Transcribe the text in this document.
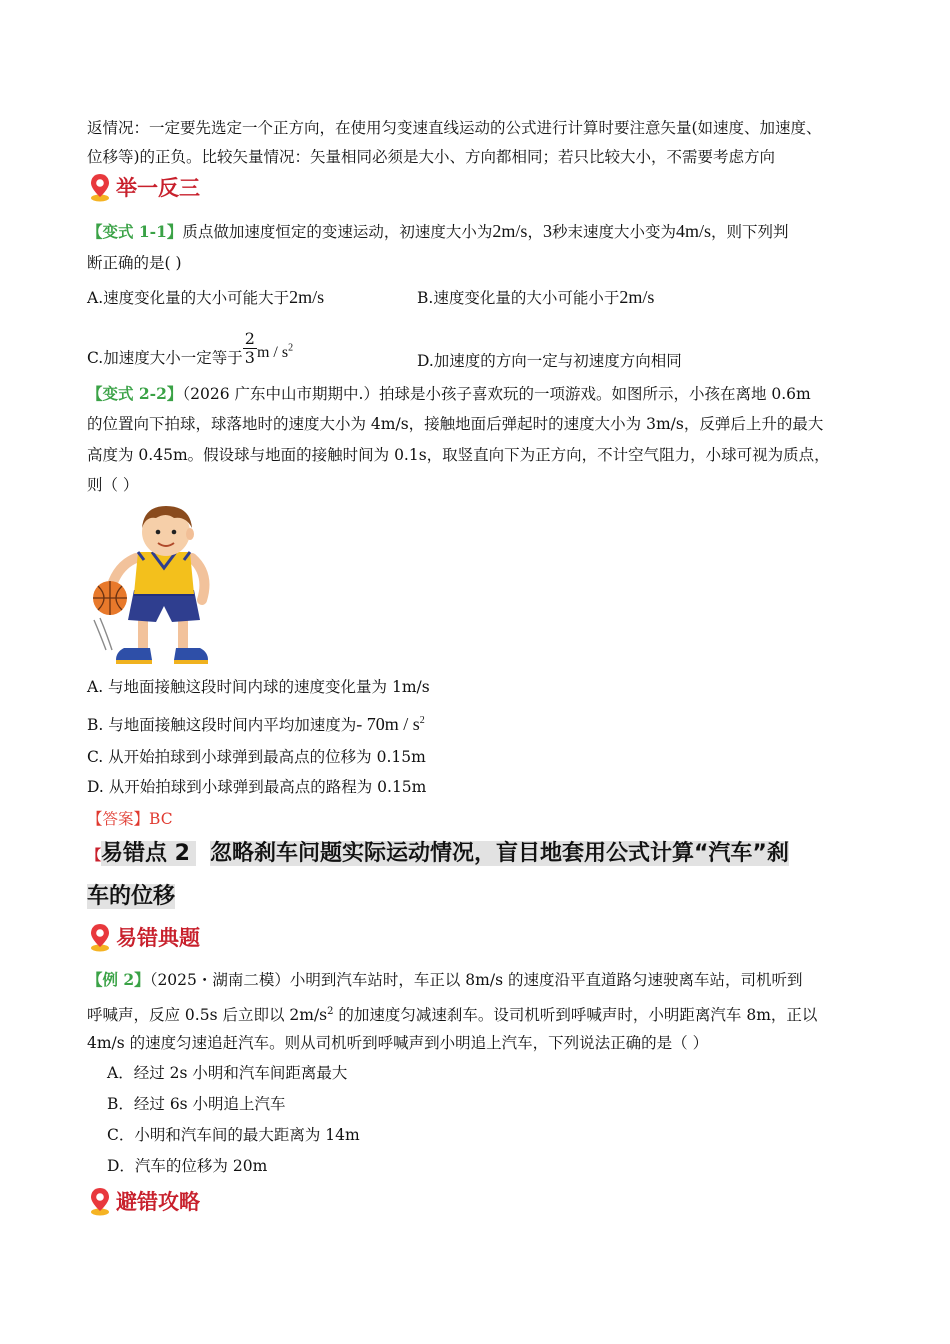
返情况：一定要先选定一个正方向，在使用匀变速直线运动的公式进行计算时要注意矢量(如速度、加速度、
位移等)的正负。比较矢量情况：矢量相同必须是大小、方向都相同；若只比较大小，不需要考虑方向
举一反三
【变式 1-1】质点做加速度恒定的变速运动，初速度大小为2m/s，3秒末速度大小变为4m/s，则下列判
断正确的是( )
A.速度变化量的大小可能大于2m/s	B.速度变化量的大小可能小于2m/s
C.加速度大小一定等于 $\frac{2}{3}$ m / $s^2$
D.加速度的方向一定与初速度方向相同
【变式 2-2】（2026 广东中山市期期中.）拍球是小孩子喜欢玩的一项游戏。如图所示，小孩在离地 0.6m
的位置向下拍球，球落地时的速度大小为 4m/s，接触地面后弹起时的速度大小为 3m/s，反弹后上升的最大
高度为 0.45m。假设球与地面的接触时间为 0.1s，取竖直向下为正方向，不计空气阻力，小球可视为质点，
则（ ）
A. 与地面接触这段时间内球的速度变化量为 1m/s
B. 与地面接触这段时间内平均加速度为- $70m / s^2$
C. 从开始拍球到小球弹到最高点的位移为 0.15m
D. 从开始拍球到小球弹到最高点的路程为 0.15m
【答案】BC
【易错点 2 忽略刹车问题实际运动情况，盲目地套用公式计算“汽车”刹
车的位移
易错典题
【例 2】（2025・湖南二模）小明到汽车站时，车正以 8m/s 的速度沿平直道路匀速驶离车站，司机听到
呼喊声，反应 0.5s 后立即以 $2m/s^2$ 的加速度匀减速刹车。设司机听到呼喊声时，小明距离汽车 8m，正以
4m/s 的速度匀速追赶汽车。则从司机听到呼喊声到小明追上汽车，下列说法正确的是（ ）
A．经过 2s 小明和汽车间距离最大
B．经过 6s 小明追上汽车
C．小明和汽车间的最大距离为 14m
D．汽车的位移为 20m
避错攻略
